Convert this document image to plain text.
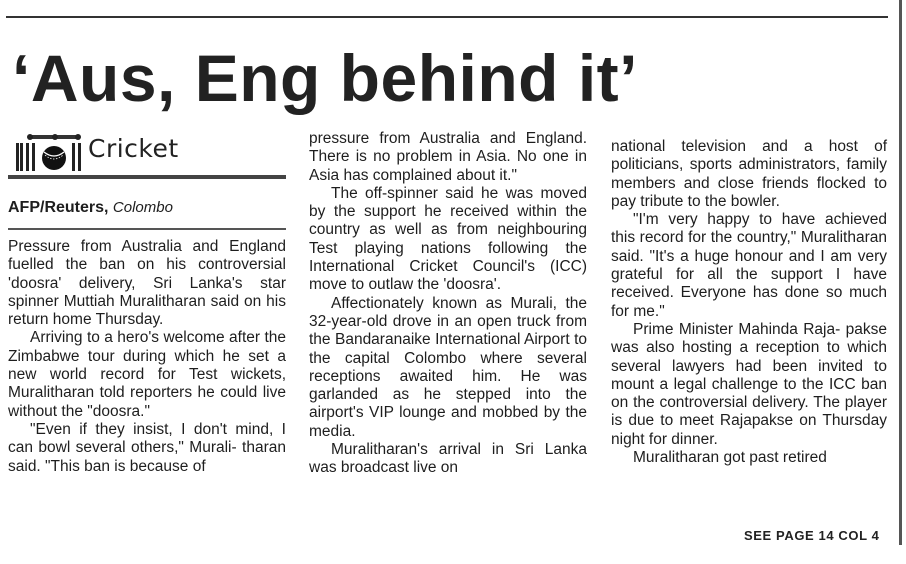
‘Aus, Eng behind it’
Cricket
AFP/Reuters, Colombo

Pressure from Australia and England fuelled the ban on his controversial 'doosra' delivery, Sri Lanka's star spinner Muttiah Muralitharan said on his return home Thursday.

Arriving to a hero's welcome after the Zimbabwe tour during which he set a new world record for Test wickets, Muralitharan told reporters he could live without the "doosra."

"Even if they insist, I don't mind, I can bowl several others," Murali- tharan said. "This ban is because of

pressure from Australia and England. There is no problem in Asia. No one in Asia has complained about it."

The off-spinner said he was moved by the support he received within the country as well as from neighbouring Test playing nations following the International Cricket Council's (ICC) move to outlaw the 'doosra'.

Affectionately known as Murali, the 32-year-old drove in an open truck from the Bandaranaike International Airport to the capital Colombo where several receptions awaited him. He was garlanded as he stepped into the airport's VIP lounge and mobbed by the media.

Muralitharan's arrival in Sri Lanka was broadcast live on

national television and a host of politicians, sports administrators, family members and close friends flocked to pay tribute to the bowler.

"I'm very happy to have achieved this record for the country," Muralitharan said. "It's a huge honour and I am very grateful for all the support I have received. Everyone has done so much for me."

Prime Minister Mahinda Raja- pakse was also hosting a reception to which several lawyers had been invited to mount a legal challenge to the ICC ban on the controversial delivery. The player is due to meet Rajapakse on Thursday night for dinner.

Muralitharan got past retired

SEE PAGE 14 COL 4
